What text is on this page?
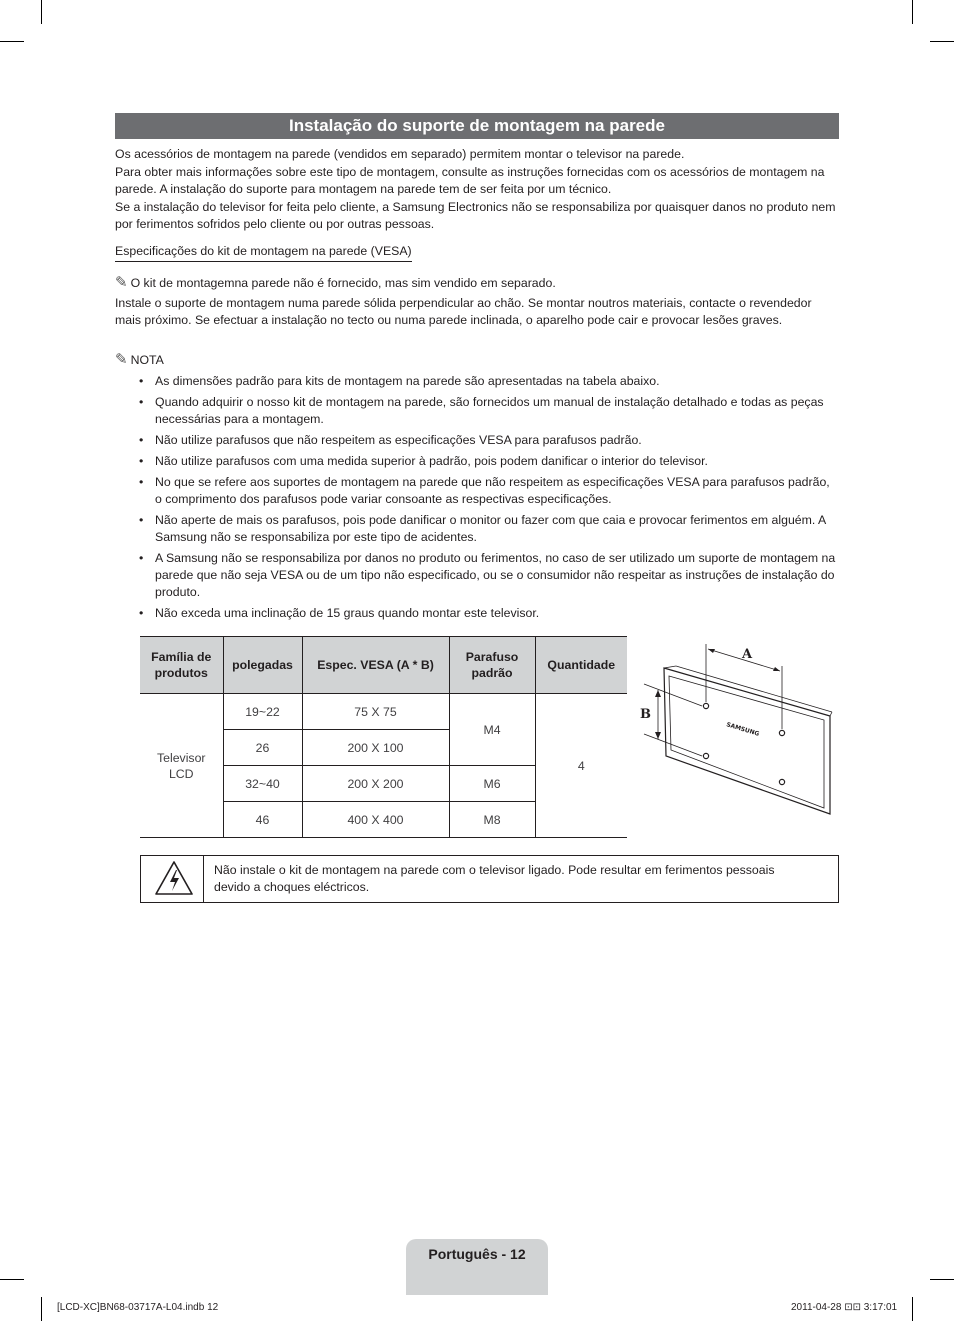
Instalação do suporte de montagem na parede

Os acessórios de montagem na parede (vendidos em separado) permitem montar o televisor na parede.

Para obter mais informações sobre este tipo de montagem, consulte as instruções fornecidas com os acessórios de montagem na parede. A instalação do suporte para montagem na parede tem de ser feita por um técnico.

Se a instalação do televisor for feita pelo cliente, a Samsung Electronics não se responsabiliza por quaisquer danos no produto nem por ferimentos sofridos pelo cliente ou por outras pessoas.

Especificações do kit de montagem na parede (VESA)
✎ O kit de montagemna parede não é fornecido, mas sim vendido em separado.
Instale o suporte de montagem numa parede sólida perpendicular ao chão. Se montar noutros materiais, contacte o revendedor mais próximo. Se efectuar a instalação no tecto ou numa parede inclinada, o aparelho pode cair e provocar lesões graves.
✎ NOTA
• As dimensões padrão para kits de montagem na parede são apresentadas na tabela abaixo.
• Quando adquirir o nosso kit de montagem na parede, são fornecidos um manual de instalação detalhado e todas as peças necessárias para a montagem.
• Não utilize parafusos que não respeitem as especificações VESA para parafusos padrão.
• Não utilize parafusos com uma medida superior à padrão, pois podem danificar o interior do televisor.
• No que se refere aos suportes de montagem na parede que não respeitem as especificações VESA para parafusos padrão, o comprimento dos parafusos pode variar consoante as respectivas especificações.
• Não aperte de mais os parafusos, pois pode danificar o monitor ou fazer com que caia e provocar ferimentos em alguém. A Samsung não se responsabiliza por este tipo de acidentes.
• A Samsung não se responsabiliza por danos no produto ou ferimentos, no caso de ser utilizado um suporte de montagem na parede que não seja VESA ou de um tipo não especificado, ou se o consumidor não respeitar as instruções de instalação do produto.
• Não exceda uma inclinação de 15 graus quando montar este televisor.
Família de produtos	polegadas	Espec. VESA (A * B)	Parafuso padrão	Quantidade
Televisor LCD	19~22	75 X 75	M4	4
	26	200 X 100		
	32~40	200 X 200	M6	
	46	400 X 400	M8	
A
B
SAMSUNG
Não instale o kit de montagem na parede com o televisor ligado. Pode resultar em ferimentos pessoais devido a choques eléctricos.
Português - 12
[LCD-XC]BN68-03717A-L04.indb 12	2011-04-28 ⊡⊡ 3:17:01
